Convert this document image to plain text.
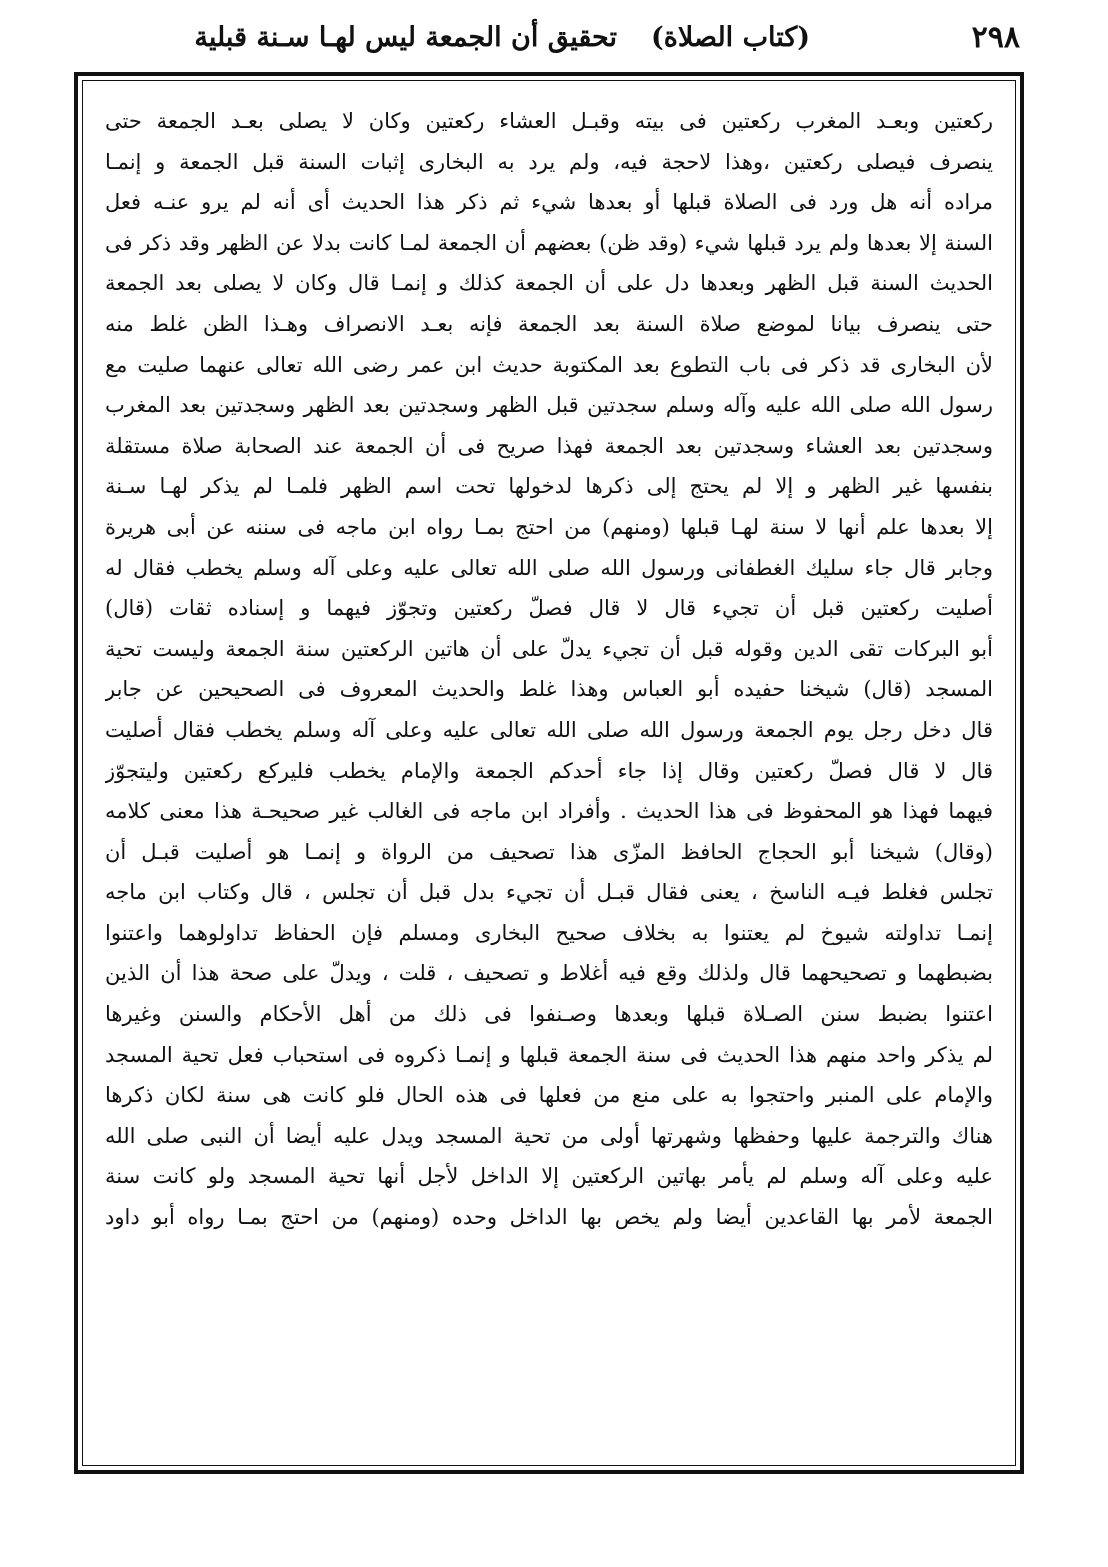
٢٩٨
(كتاب الصلاة)تحقيق أن الجمعة ليس لهـا سـنة قبلية
ركعتين وبعـد المغرب ركعتين فى بيته وقبـل العشاء ركعتين وكان لا يصلى بعـد الجمعة حتى
ينصرف فيصلى ركعتين ،وهذا لاحجة فيه، ولم يرد به البخارى إثبات السنة قبل الجمعة و إنمـا
مراده أنه هل ورد فى الصلاة قبلها أو بعدها شيء ثم ذكر هذا الحديث أى أنه لم يرو عنـه فعل
السنة إلا بعدها ولم يرد قبلها شيء (وقد ظن) بعضهم أن الجمعة لمـا كانت بدلا عن الظهر وقد ذكر فى
الحديث السنة قبل الظهر وبعدها دل على أن الجمعة كذلك و إنمـا قال وكان لا يصلى بعد الجمعة
حتى ينصرف بيانا لموضع صلاة السنة بعد الجمعة فإنه بعـد الانصراف وهـذا الظن غلط منه
لأن البخارى قد ذكر فى باب التطوع بعد المكتوبة حديث ابن عمر رضى الله تعالى عنهما صليت مع
رسول الله صلى الله عليه وآله وسلم سجدتين قبل الظهر وسجدتين بعد الظهر وسجدتين بعد المغرب
وسجدتين بعد العشاء وسجدتين بعد الجمعة فهذا صريح فى أن الجمعة عند الصحابة صلاة مستقلة
بنفسها غير الظهر و إلا لم يحتج إلى ذكرها لدخولها تحت اسم الظهر فلمـا لم يذكر لهـا سـنة
إلا بعدها علم أنها لا سنة لهـا قبلها (ومنهم) من احتج بمـا رواه ابن ماجه فى سننه عن أبى هريرة
وجابر قال جاء سليك الغطفانى ورسول الله صلى الله تعالى عليه وعلى آله وسلم يخطب فقال له
أصليت ركعتين قبل أن تجيء قال لا قال فصلّ ركعتين وتجوّز فيهما و إسناده ثقات (قال)
أبو البركات تقى الدين وقوله قبل أن تجيء يدلّ على أن هاتين الركعتين سنة الجمعة وليست تحية
المسجد (قال) شيخنا حفيده أبو العباس وهذا غلط والحديث المعروف فى الصحيحين عن جابر
قال دخل رجل يوم الجمعة ورسول الله صلى الله تعالى عليه وعلى آله وسلم يخطب فقال أصليت
قال لا قال فصلّ ركعتين وقال إذا جاء أحدكم الجمعة والإمام يخطب فليركع ركعتين وليتجوّز
فيهما فهذا هو المحفوظ فى هذا الحديث . وأفراد ابن ماجه فى الغالب غير صحيحـة هذا معنى كلامه
(وقال) شيخنا أبو الحجاج الحافظ المزّى هذا تصحيف من الرواة و إنمـا هو أصليت قبـل أن
تجلس فغلط فيـه الناسخ ، يعنى فقال قبـل أن تجيء بدل قبل أن تجلس ، قال وكتاب ابن ماجه
إنمـا تداولته شيوخ لم يعتنوا به بخلاف صحيح البخارى ومسلم فإن الحفاظ تداولوهما واعتنوا
بضبطهما و تصحيحهما قال ولذلك وقع فيه أغلاط و تصحيف ، قلت ، ويدلّ على صحة هذا أن الذين
اعتنوا بضبط سنن الصـلاة قبلها وبعدها وصـنفوا فى ذلك من أهل الأحكام والسنن وغيرها
لم يذكر واحد منهم هذا الحديث فى سنة الجمعة قبلها و إنمـا ذكروه فى استحباب فعل تحية المسجد
والإمام على المنبر واحتجوا به على منع من فعلها فى هذه الحال فلو كانت هى سنة لكان ذكرها
هناك والترجمة عليها وحفظها وشهرتها أولى من تحية المسجد ويدل عليه أيضا أن النبى صلى الله
عليه وعلى آله وسلم لم يأمر بهاتين الركعتين إلا الداخل لأجل أنها تحية المسجد ولو كانت سنة
الجمعة لأمر بها القاعدين أيضا ولم يخص بها الداخل وحده (ومنهم) من احتج بمـا رواه أبو داود
